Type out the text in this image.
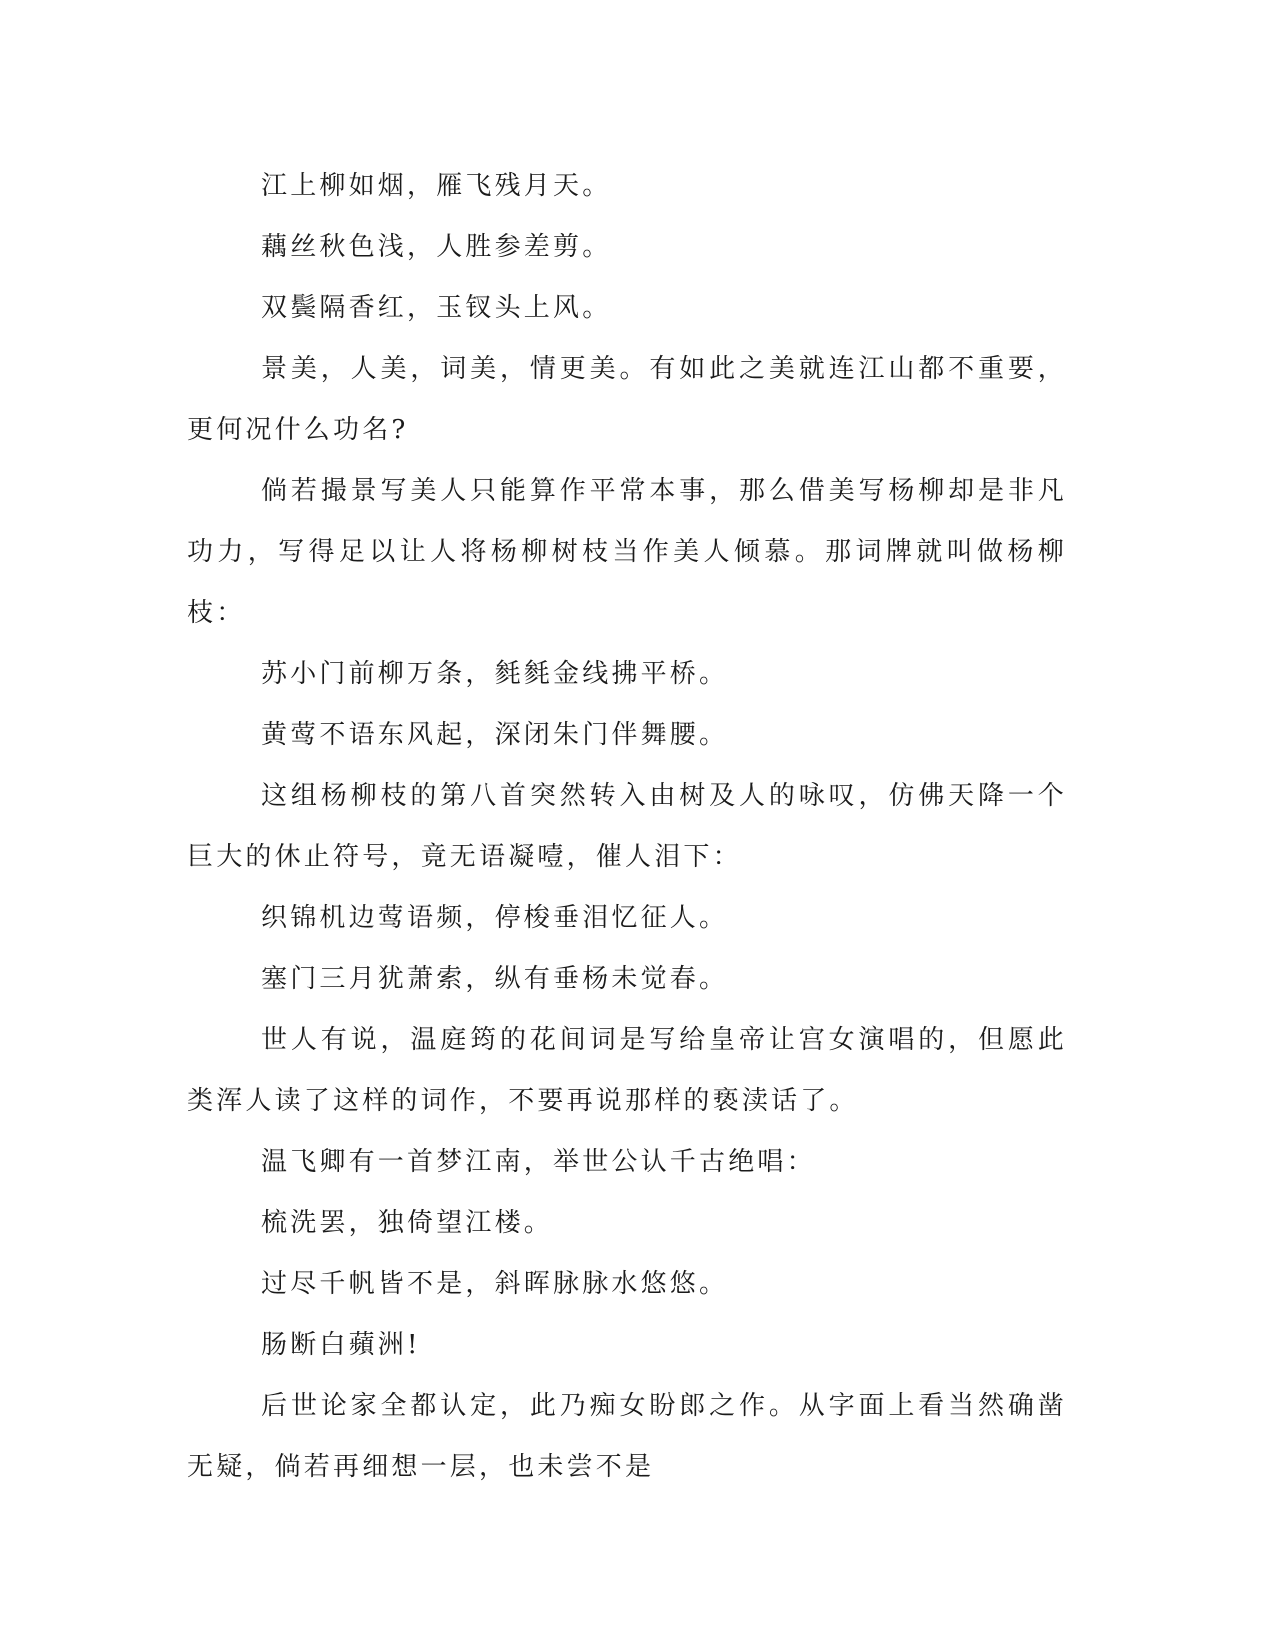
江上柳如烟，雁飞残月天。

藕丝秋色浅，人胜参差剪。

双鬓隔香红，玉钗头上风。

景美，人美，词美，情更美。有如此之美就连江山都不重要，更何况什么功名?

倘若撮景写美人只能算作平常本事，那么借美写杨柳却是非凡功力，写得足以让人将杨柳树枝当作美人倾慕。那词牌就叫做杨柳枝：

苏小门前柳万条，毵毵金线拂平桥。

黄莺不语东风起，深闭朱门伴舞腰。

这组杨柳枝的第八首突然转入由树及人的咏叹，仿佛天降一个巨大的休止符号，竟无语凝噎，催人泪下：

织锦机边莺语频，停梭垂泪忆征人。

塞门三月犹萧索，纵有垂杨未觉春。

世人有说，温庭筠的花间词是写给皇帝让宫女演唱的，但愿此类浑人读了这样的词作，不要再说那样的亵渎话了。

温飞卿有一首梦江南，举世公认千古绝唱：

梳洗罢，独倚望江楼。

过尽千帆皆不是，斜晖脉脉水悠悠。

肠断白蘋洲!

后世论家全都认定，此乃痴女盼郎之作。从字面上看当然确凿无疑，倘若再细想一层，也未尝不是
